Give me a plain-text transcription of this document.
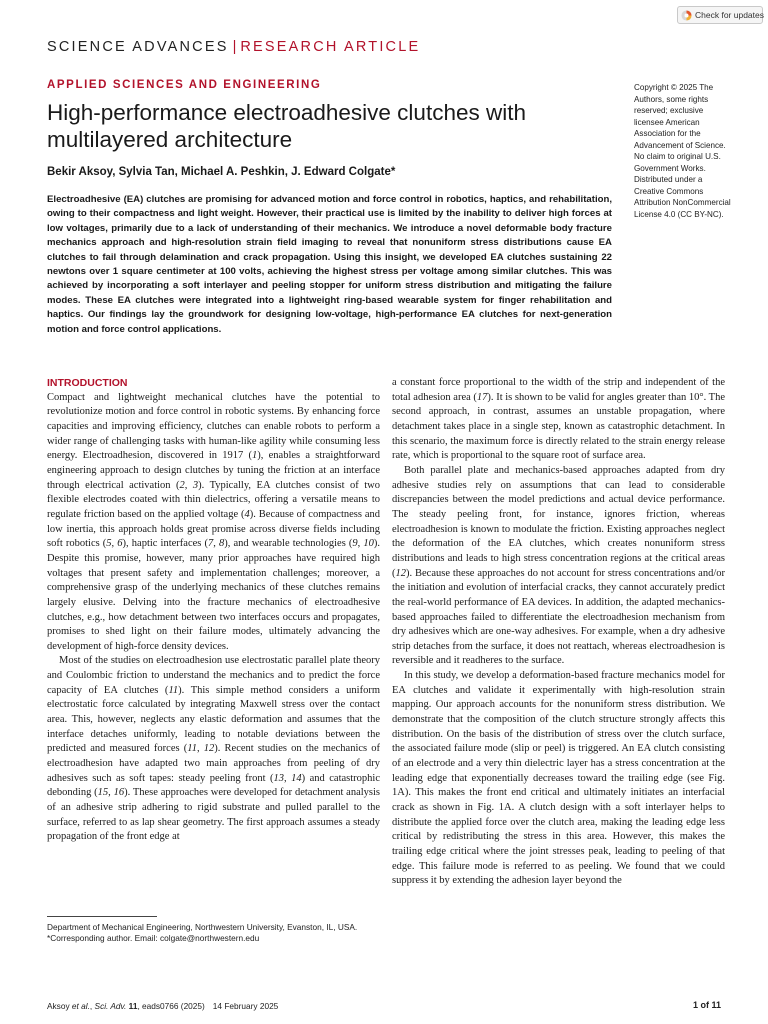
Check for updates
SCIENCE ADVANCES | RESEARCH ARTICLE
APPLIED SCIENCES AND ENGINEERING
High-performance electroadhesive clutches with multilayered architecture
Bekir Aksoy, Sylvia Tan, Michael A. Peshkin, J. Edward Colgate*
Electroadhesive (EA) clutches are promising for advanced motion and force control in robotics, haptics, and rehabilitation, owing to their compactness and light weight. However, their practical use is limited by the inability to deliver high forces at low voltages, primarily due to a lack of understanding of their mechanics. We introduce a novel deformable body fracture mechanics approach and high-resolution strain field imaging to reveal that nonuniform stress distributions cause EA clutches to fail through delamination and crack propagation. Using this insight, we developed EA clutches sustaining 22 newtons over 1 square centimeter at 100 volts, achieving the highest stress per voltage among similar clutches. This was achieved by incorporating a soft interlayer and peeling stopper for uniform stress distribution and mitigating the failure modes. These EA clutches were integrated into a lightweight ring-based wearable system for finger rehabilitation and haptics. Our findings lay the groundwork for designing low-voltage, high-performance EA clutches for next-generation motion and force control applications.
Copyright © 2025 The Authors, some rights reserved; exclusive licensee American Association for the Advancement of Science. No claim to original U.S. Government Works. Distributed under a Creative Commons Attribution NonCommercial License 4.0 (CC BY-NC).
INTRODUCTION

Compact and lightweight mechanical clutches have the potential to revolutionize motion and force control in robotic systems. By enhancing force capacities and improving efficiency, clutches can enable robots to perform a wider range of challenging tasks with human-like agility while consuming less energy. Electroadhesion, discovered in 1917 (1), enables a straightforward engineering approach to design clutches by tuning the friction at an interface through electrical activation (2, 3). Typically, EA clutches consist of two flexible electrodes coated with thin dielectrics, offering a versatile means to regulate friction based on the applied voltage (4). Because of compactness and low inertia, this approach holds great promise across diverse fields including soft robotics (5, 6), haptic interfaces (7, 8), and wearable technologies (9, 10). Despite this promise, however, many prior approaches have required high voltages that present safety and implementation challenges; moreover, a comprehensive grasp of the underlying mechanics of these clutches remains largely elusive. Delving into the fracture mechanics of electroadhesive clutches, e.g., how detachment between two interfaces occurs and propagates, promises to shed light on their failure modes, ultimately advancing the development of high-force density devices.

Most of the studies on electroadhesion use electrostatic parallel plate theory and Coulombic friction to understand the mechanics and to predict the force capacity of EA clutches (11). This simple method considers a uniform electrostatic force calculated by integrating Maxwell stress over the contact area. This, however, neglects any elastic deformation and assumes that the interface detaches uniformly, leading to notable deviations between the predicted and measured forces (11, 12). Recent studies on the mechanics of electroadhesion have adapted two main approaches from peeling of dry adhesives such as soft tapes: steady peeling front (13, 14) and catastrophic debonding (15, 16). These approaches were developed for detachment analysis of an adhesive strip adhering to rigid substrate and pulled parallel to the surface, referred to as lap shear geometry. The first approach assumes a steady propagation of the front edge at

a constant force proportional to the width of the strip and independent of the total adhesion area (17). It is shown to be valid for angles greater than 10°. The second approach, in contrast, assumes an unstable propagation, where detachment takes place in a single step, known as catastrophic detachment. In this scenario, the maximum force is directly related to the strain energy release rate, which is proportional to the square root of surface area.

Both parallel plate and mechanics-based approaches adapted from dry adhesive studies rely on assumptions that can lead to considerable discrepancies between the model predictions and actual device performance. The steady peeling front, for instance, ignores friction, whereas electroadhesion is known to modulate the friction. Existing approaches neglect the deformation of the EA clutches, which creates nonuniform stress distributions and leads to high stress concentration regions at the critical areas (12). Because these approaches do not account for stress concentrations and/or the initiation and evolution of interfacial cracks, they cannot accurately predict the real-world performance of EA devices. In addition, the adapted mechanics-based approaches failed to differentiate the electroadhesion mechanism from dry adhesives which are one-way adhesives. For example, when a dry adhesive strip detaches from the surface, it does not reattach, whereas electroadhesion is reversible and it readheres to the surface.

In this study, we develop a deformation-based fracture mechanics model for EA clutches and validate it experimentally with high-resolution strain mapping. Our approach accounts for the nonuniform stress distribution. We demonstrate that the composition of the clutch structure strongly affects this distribution. On the basis of the distribution of stress over the clutch surface, the associated failure mode (slip or peel) is triggered. An EA clutch consisting of an electrode and a very thin dielectric layer has a stress concentration at the leading edge that exponentially decreases toward the trailing edge (see Fig. 1A). This makes the front end critical and ultimately initiates an interfacial crack as shown in Fig. 1A. A clutch design with a soft interlayer helps to distribute the applied force over the clutch area, making the leading edge less critical by redistributing the stress in this area. However, this makes the trailing edge critical where the joint stresses peak, leading to peeling of that edge. This failure mode is referred to as peeling. We found that we could suppress it by extending the adhesion layer beyond the

Department of Mechanical Engineering, Northwestern University, Evanston, IL, USA.

*Corresponding author. Email: colgate@northwestern.edu

Aksoy et al., Sci. Adv. 11, eads0766 (2025) 14 February 2025	1 of 11
